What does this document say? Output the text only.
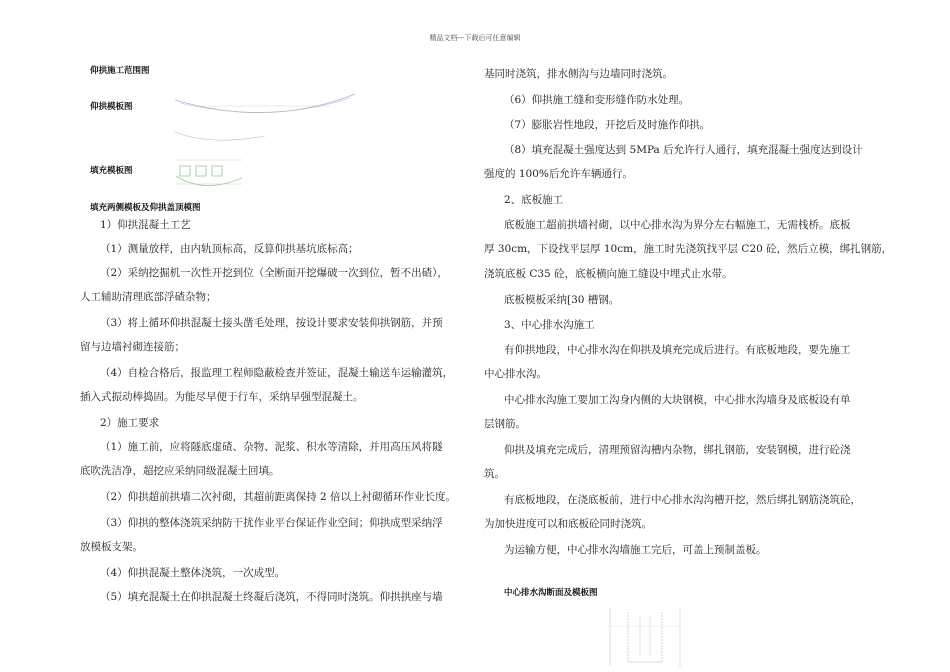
精品文档---下载后可任意编辑
仰拱施工范围图
仰拱模板图
填充模板图
填充两侧模板及仰拱盖顶模图
1）仰拱混凝土工艺
（1）测量放样，由内轨顶标高，反算仰拱基坑底标高；
（2）采纳挖掘机一次性开挖到位（全断面开挖爆破一次到位，暂不出碴），
人工辅助清理底部浮碴杂物；
（3）将上循环仰拱混凝土接头凿毛处理，按设计要求安装仰拱钢筋，并预
留与边墙衬砌连接筋；
（4）自检合格后，报监理工程师隐蔽检查并签证，混凝土输送车运输灌筑，
插入式振动棒捣固。为能尽早便于行车，采纳早强型混凝土。
2）施工要求
（1）施工前，应将隧底虚碴、杂物、泥浆、积水等清除，并用高压风将隧
底吹洗洁净，超挖应采纳同级混凝土回填。
（2）仰拱超前拱墙二次衬砌，其超前距离保持 2 倍以上衬砌循环作业长度。
（3）仰拱的整体浇筑采纳防干扰作业平台保证作业空间；仰拱成型采纳浮
放模板支架。
（4）仰拱混凝土整体浇筑，一次成型。
（5）填充混凝土在仰拱混凝土终凝后浇筑，不得同时浇筑。仰拱拱座与墙
基同时浇筑，排水侧沟与边墙同时浇筑。
（6）仰拱施工缝和变形缝作防水处理。
（7）膨胀岩性地段，开挖后及时施作仰拱。
（8）填充混凝土强度达到 5MPa 后允许行人通行，填充混凝土强度达到设计
强度的 100%后允许车辆通行。
2、底板施工
底板施工超前拱墙衬砌，以中心排水沟为界分左右幅施工，无需栈桥。底板
厚 30cm，下设找平层厚 10cm，施工时先浇筑找平层 C20 砼，然后立模，绑扎钢筋，
浇筑底板 C35 砼，底板横向施工缝设中埋式止水带。
底板模板采纳[30 槽钢。
3、中心排水沟施工
有仰拱地段，中心排水沟在仰拱及填充完成后进行。有底板地段，要先施工
中心排水沟。
中心排水沟施工要加工沟身内侧的大块钢模，中心排水沟墙身及底板设有单
层钢筋。
仰拱及填充完成后，清理预留沟槽内杂物，绑扎钢筋，安装钢模，进行砼浇
筑。
有底板地段，在浇底板前，进行中心排水沟沟槽开挖，然后绑扎钢筋浇筑砼，
为加快进度可以和底板砼同时浇筑。
为运输方便，中心排水沟墙施工完后，可盖上预制盖板。
中心排水沟断面及模板图
